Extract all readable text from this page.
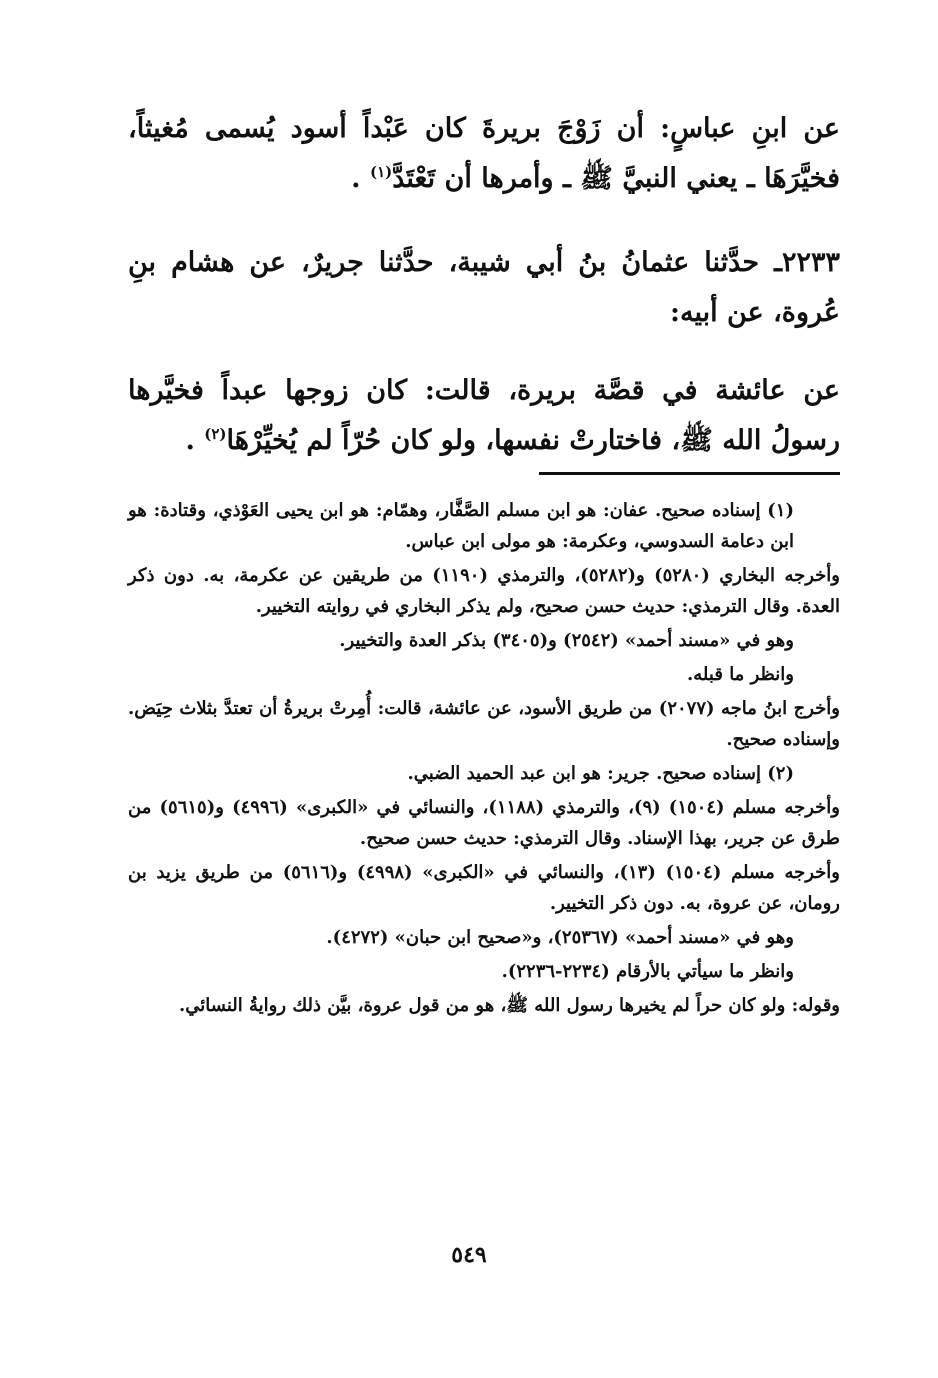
عن ابنِ عباسٍ: أن زَوْجَ بريرةَ كان عَبْداً أسود يُسمى مُغيثاً، فخيَّرَهَا ـ يعني النبيَّ ﷺ ـ وأمرها أن تَعْتَدَّ$^{(١)}$ .

٢٢٣٣ـ حدَّثنا عثمانُ بنُ أبي شيبة، حدَّثنا جريرٌ، عن هشام بنِ عُروة، عن أبيه:

عن عائشة في قصَّة بريرة، قالت: كان زوجها عبداً فخيَّرها رسولُ الله ﷺ، فاختارتْ نفسها، ولو كان حُرّاً لم يُخيِّرْهَا$^{(٢)}$ .

(١) إسناده صحيح. عفان: هو ابن مسلم الصَّفَّار، وهمّام: هو ابن يحيى العَوْذي، وقتادة: هو ابن دعامة السدوسي، وعكرمة: هو مولى ابن عباس.

وأخرجه البخاري (٥٢٨٠) و(٥٢٨٢)، والترمذي (١١٩٠) من طريقين عن عكرمة، به. دون ذكر العدة. وقال الترمذي: حديث حسن صحيح، ولم يذكر البخاري في روايته التخيير.

وهو في «مسند أحمد» (٢٥٤٢) و(٣٤٠٥) بذكر العدة والتخيير.

وانظر ما قبله.

وأخرج ابنُ ماجه (٢٠٧٧) من طريق الأسود، عن عائشة، قالت: أُمِرتْ بريرةُ أن تعتدَّ بثلاث حِيَض. وإسناده صحيح.

(٢) إسناده صحيح. جرير: هو ابن عبد الحميد الضبي.

وأخرجه مسلم (١٥٠٤) (٩)، والترمذي (١١٨٨)، والنسائي في «الكبرى» (٤٩٩٦) و(٥٦١٥) من طرق عن جرير، بهذا الإسناد. وقال الترمذي: حديث حسن صحيح.

وأخرجه مسلم (١٥٠٤) (١٣)، والنسائي في «الكبرى» (٤٩٩٨) و(٥٦١٦) من طريق يزيد بن رومان، عن عروة، به. دون ذكر التخيير.

وهو في «مسند أحمد» (٢٥٣٦٧)، و«صحيح ابن حبان» (٤٢٧٢).

وانظر ما سيأتي بالأرقام (٢٢٣٤-٢٢٣٦).

وقوله: ولو كان حراً لم يخيرها رسول الله ﷺ، هو من قول عروة، بيَّن ذلك روايةُ النسائي.

٥٤٩
